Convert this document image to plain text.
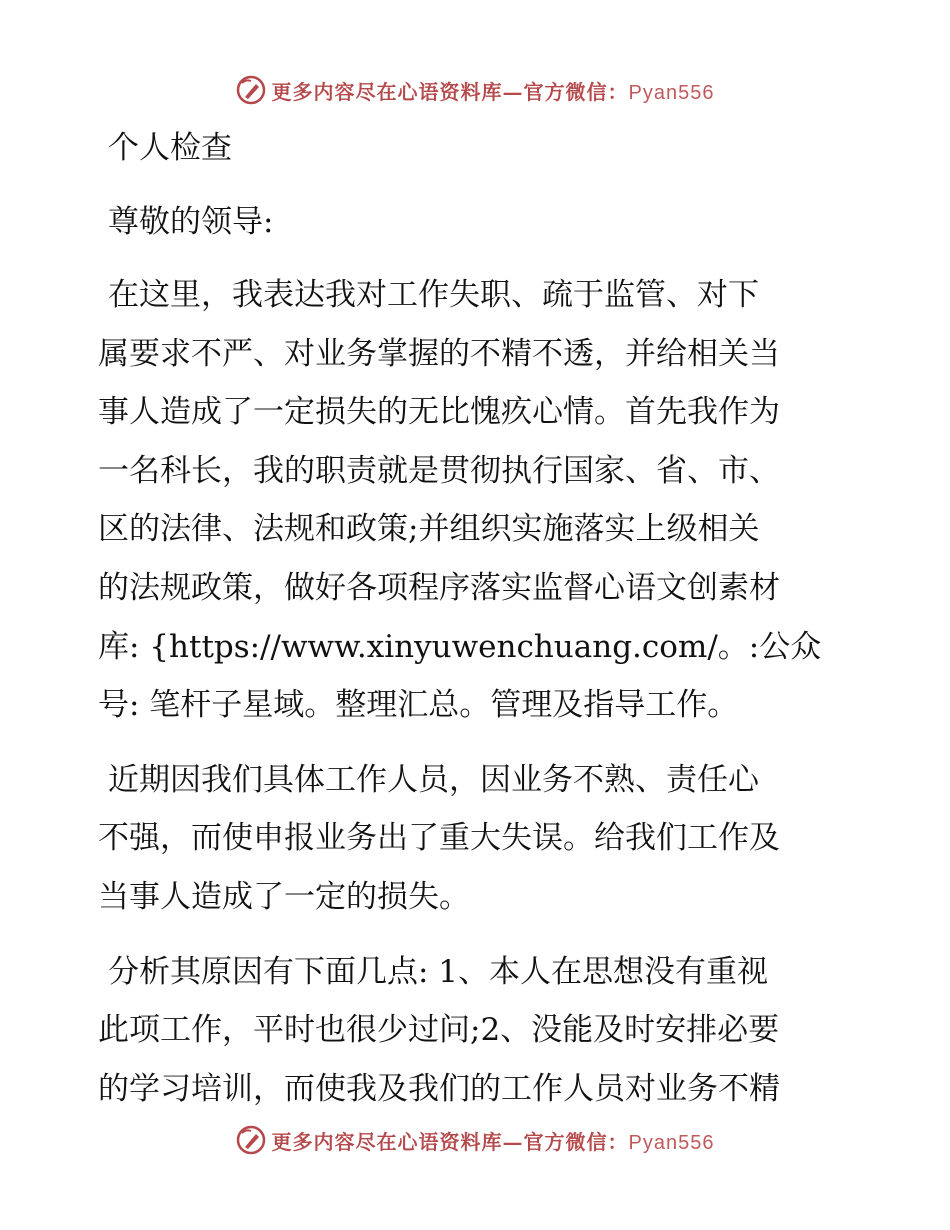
更多内容尽在心语资料库—官方微信：Pyan556
个人检查
尊敬的领导:
在这里，我表达我对工作失职、疏于监管、对下
属要求不严、对业务掌握的不精不透，并给相关当
事人造成了一定损失的无比愧疚心情。首先我作为
一名科长，我的职责就是贯彻执行国家、省、市、
区的法律、法规和政策;并组织实施落实上级相关
的法规政策，做好各项程序落实监督心语文创素材
库: {https://www.xinyuwenchuang.com/。:公众
号: 笔杆子星域。整理汇总。管理及指导工作。
近期因我们具体工作人员，因业务不熟、责任心
不强，而使申报业务出了重大失误。给我们工作及
当事人造成了一定的损失。
分析其原因有下面几点: 1、本人在思想没有重视
此项工作，平时也很少过问;2、没能及时安排必要
的学习培训，而使我及我们的工作人员对业务不精
更多内容尽在心语资料库—官方微信：Pyan556
